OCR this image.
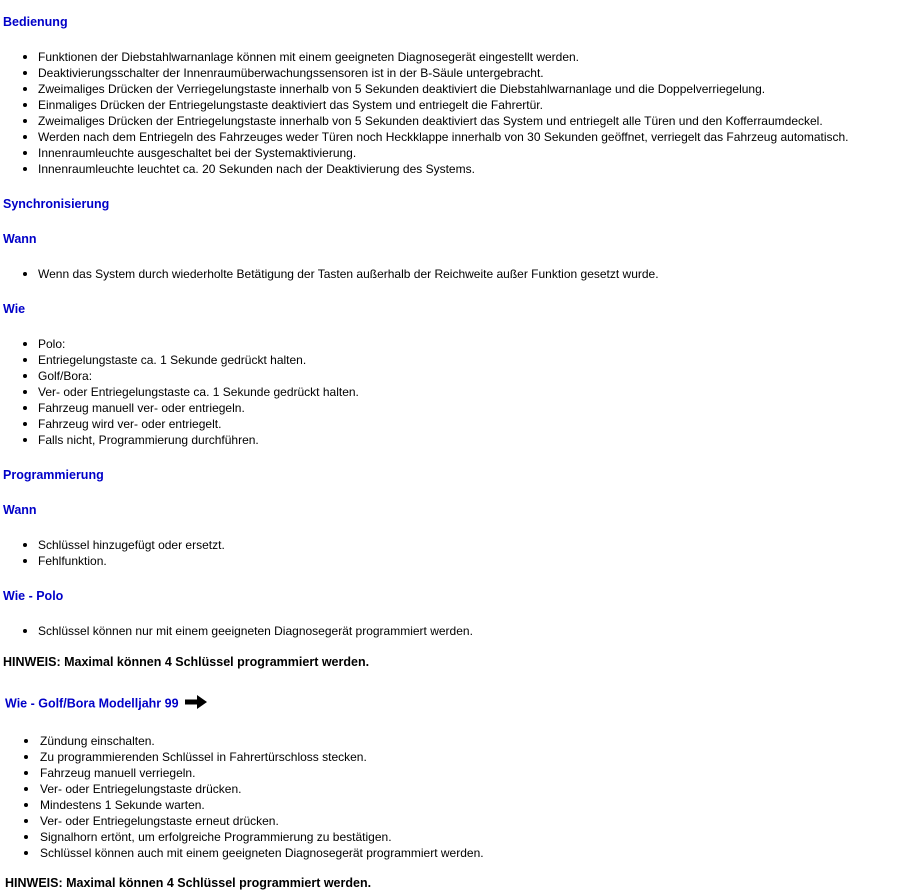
Bedienung
Funktionen der Diebstahlwarnanlage können mit einem geeigneten Diagnosegerät eingestellt werden.
Deaktivierungsschalter der Innenraumüberwachungssensoren ist in der B-Säule untergebracht.
Zweimaliges Drücken der Verriegelungstaste innerhalb von 5 Sekunden deaktiviert die Diebstahlwarnanlage und die Doppelverriegelung.
Einmaliges Drücken der Entriegelungstaste deaktiviert das System und entriegelt die Fahrertür.
Zweimaliges Drücken der Entriegelungstaste innerhalb von 5 Sekunden deaktiviert das System und entriegelt alle Türen und den Kofferraumdeckel.
Werden nach dem Entriegeln des Fahrzeuges weder Türen noch Heckklappe innerhalb von 30 Sekunden geöffnet, verriegelt das Fahrzeug automatisch.
Innenraumleuchte ausgeschaltet bei der Systemaktivierung.
Innenraumleuchte leuchtet ca. 20 Sekunden nach der Deaktivierung des Systems.
Synchronisierung
Wann
Wenn das System durch wiederholte Betätigung der Tasten außerhalb der Reichweite außer Funktion gesetzt wurde.
Wie
Polo:
Entriegelungstaste ca. 1 Sekunde gedrückt halten.
Golf/Bora:
Ver- oder Entriegelungstaste ca. 1 Sekunde gedrückt halten.
Fahrzeug manuell ver- oder entriegeln.
Fahrzeug wird ver- oder entriegelt.
Falls nicht, Programmierung durchführen.
Programmierung
Wann
Schlüssel hinzugefügt oder ersetzt.
Fehlfunktion.
Wie - Polo
Schlüssel können nur mit einem geeigneten Diagnosegerät programmiert werden.

HINWEIS: Maximal können 4 Schlüssel programmiert werden.

Wie - Golf/Bora Modelljahr 99
Zündung einschalten.
Zu programmierenden Schlüssel in Fahrertürschloss stecken.
Fahrzeug manuell verriegeln.
Ver- oder Entriegelungstaste drücken.
Mindestens 1 Sekunde warten.
Ver- oder Entriegelungstaste erneut drücken.
Signalhorn ertönt, um erfolgreiche Programmierung zu bestätigen.
Schlüssel können auch mit einem geeigneten Diagnosegerät programmiert werden.

HINWEIS: Maximal können 4 Schlüssel programmiert werden.
